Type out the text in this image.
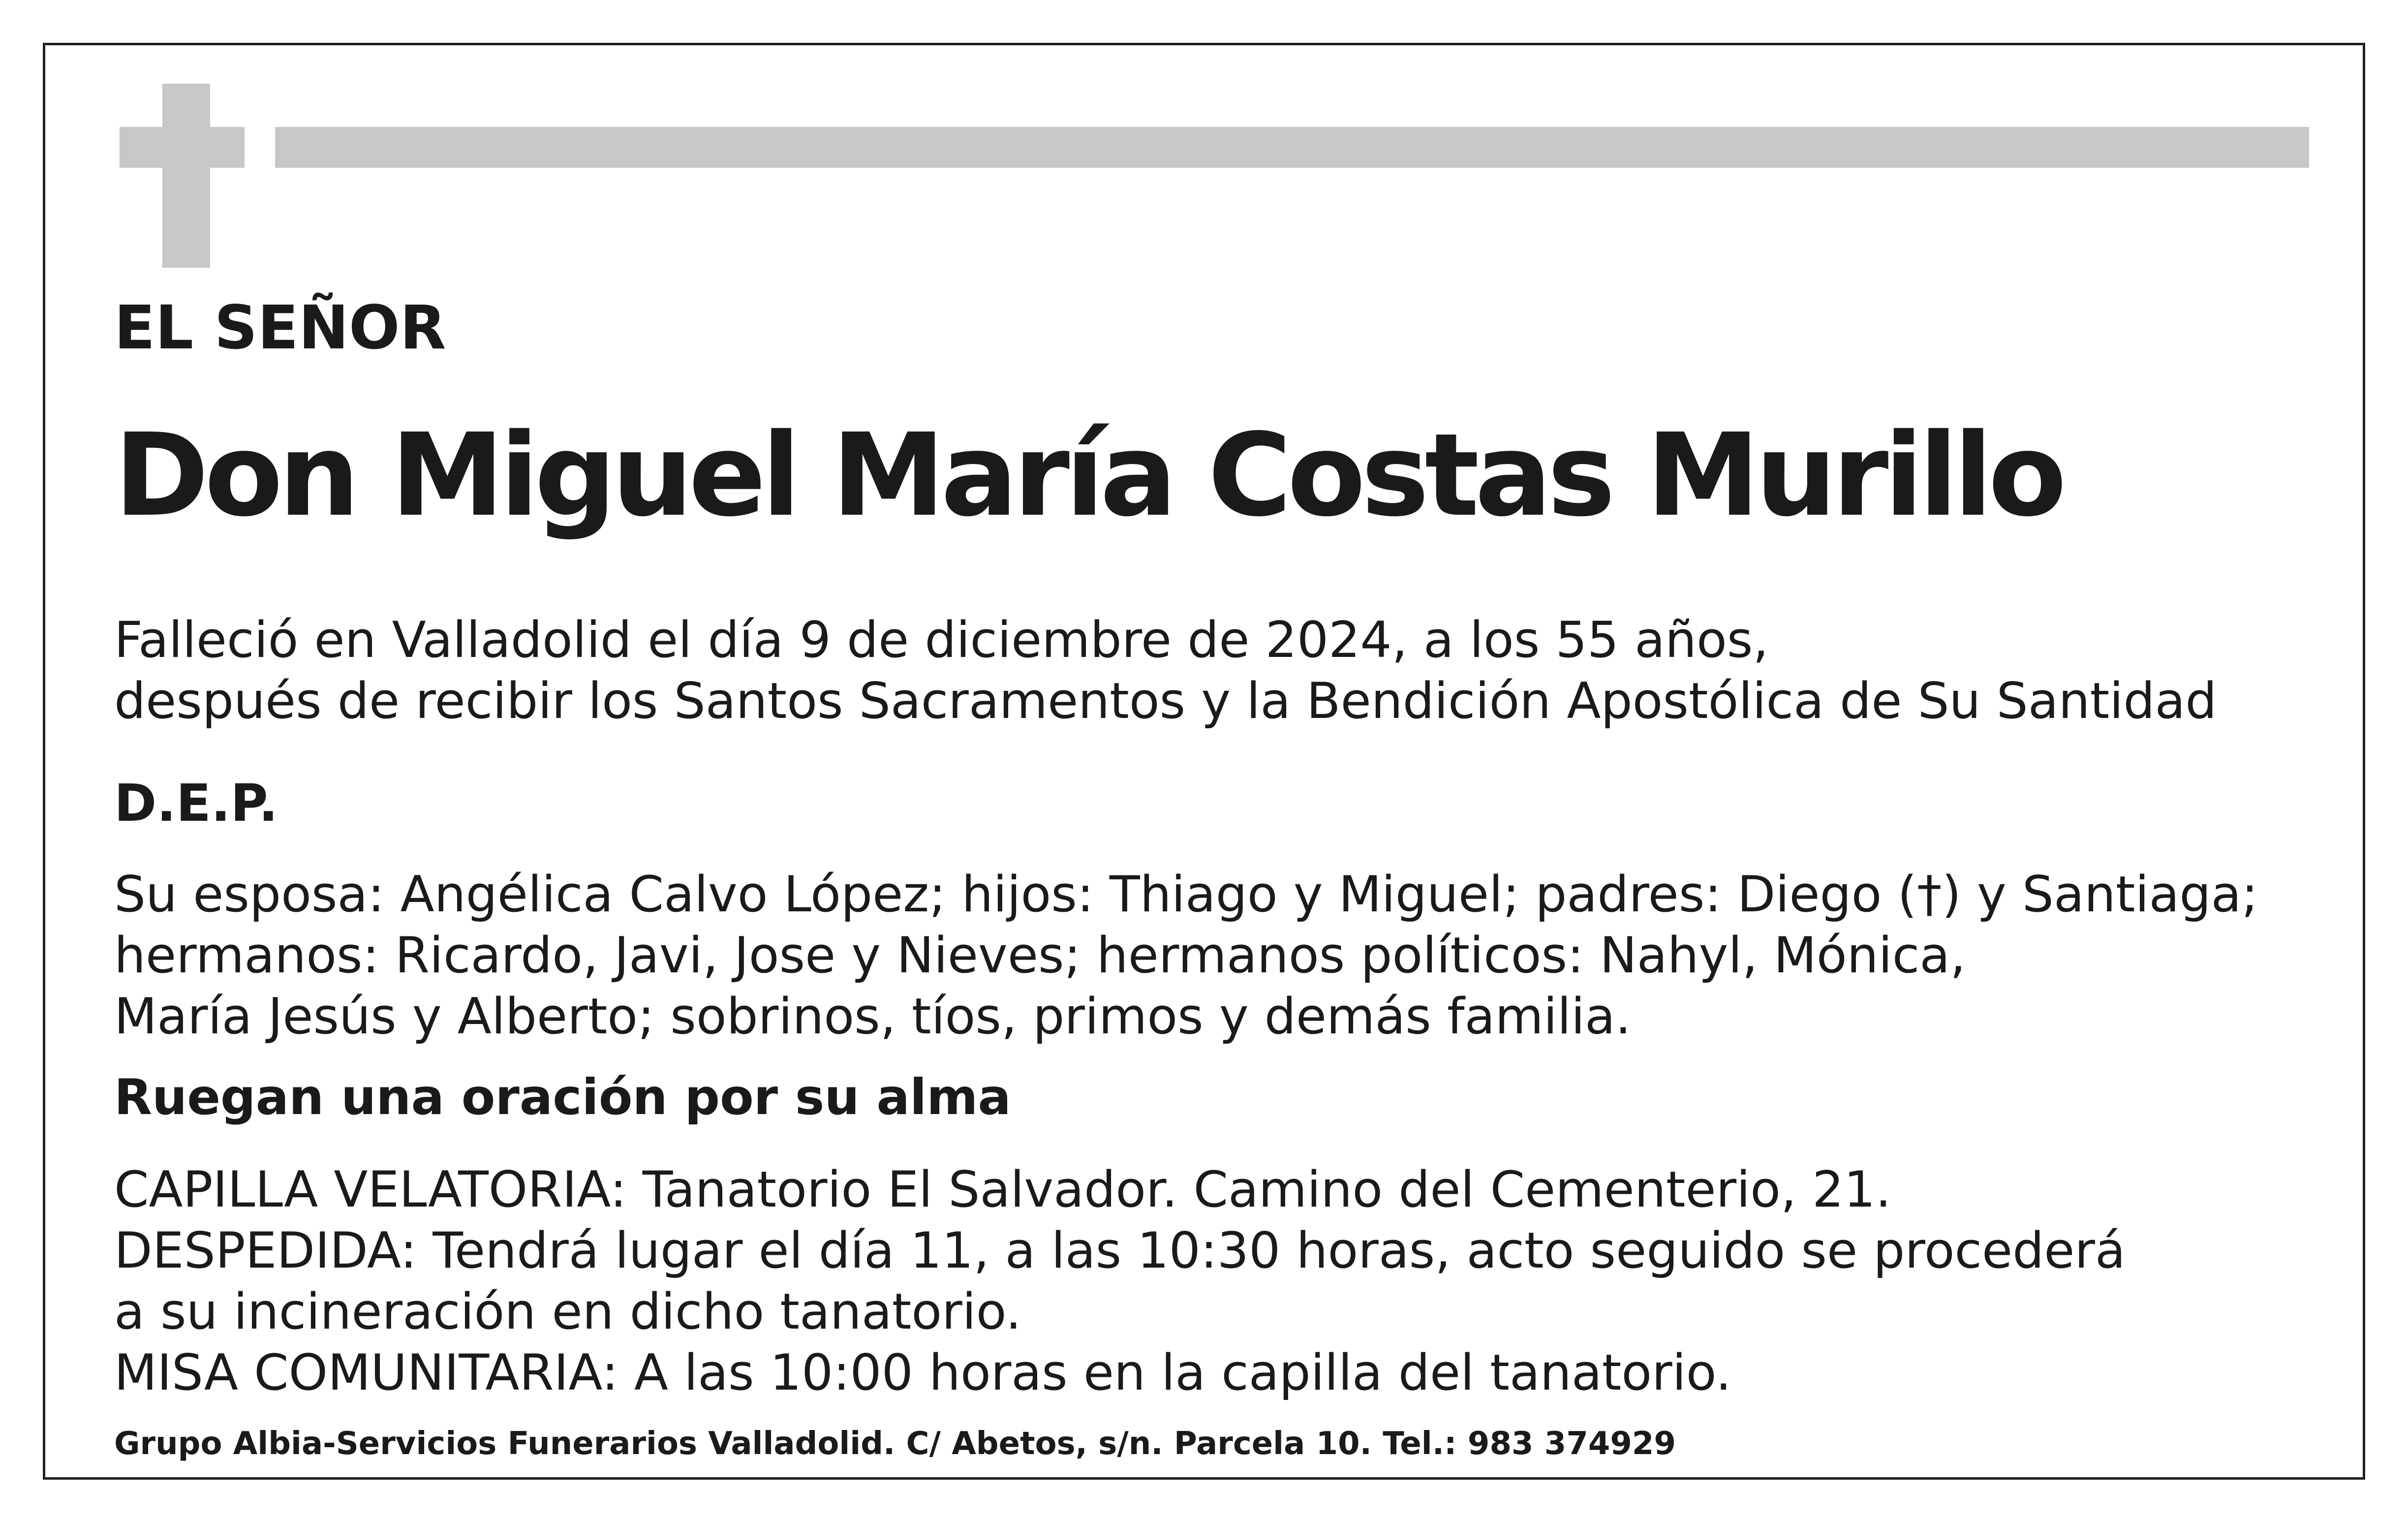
EL SEÑOR

Don Miguel María Costas Murillo
Falleció en Valladolid el día 9 de diciembre de 2024, a los 55 años,
después de recibir los Santos Sacramentos y la Bendición Apostólica de Su Santidad

D.E.P.

Su esposa: Angélica Calvo López; hijos: Thiago y Miguel; padres: Diego (†) y Santiaga;
hermanos: Ricardo, Javi, Jose y Nieves; hermanos políticos: Nahyl, Mónica,
María Jesús y Alberto; sobrinos, tíos, primos y demás familia.

Ruegan una oración por su alma

CAPILLA VELATORIA: Tanatorio El Salvador. Camino del Cementerio, 21.
DESPEDIDA: Tendrá lugar el día 11, a las 10:30 horas, acto seguido se procederá
a su incineración en dicho tanatorio.
MISA COMUNITARIA: A las 10:00 horas en la capilla del tanatorio.

Grupo Albia-Servicios Funerarios Valladolid. C/ Abetos, s/n. Parcela 10. Tel.: 983 374929
